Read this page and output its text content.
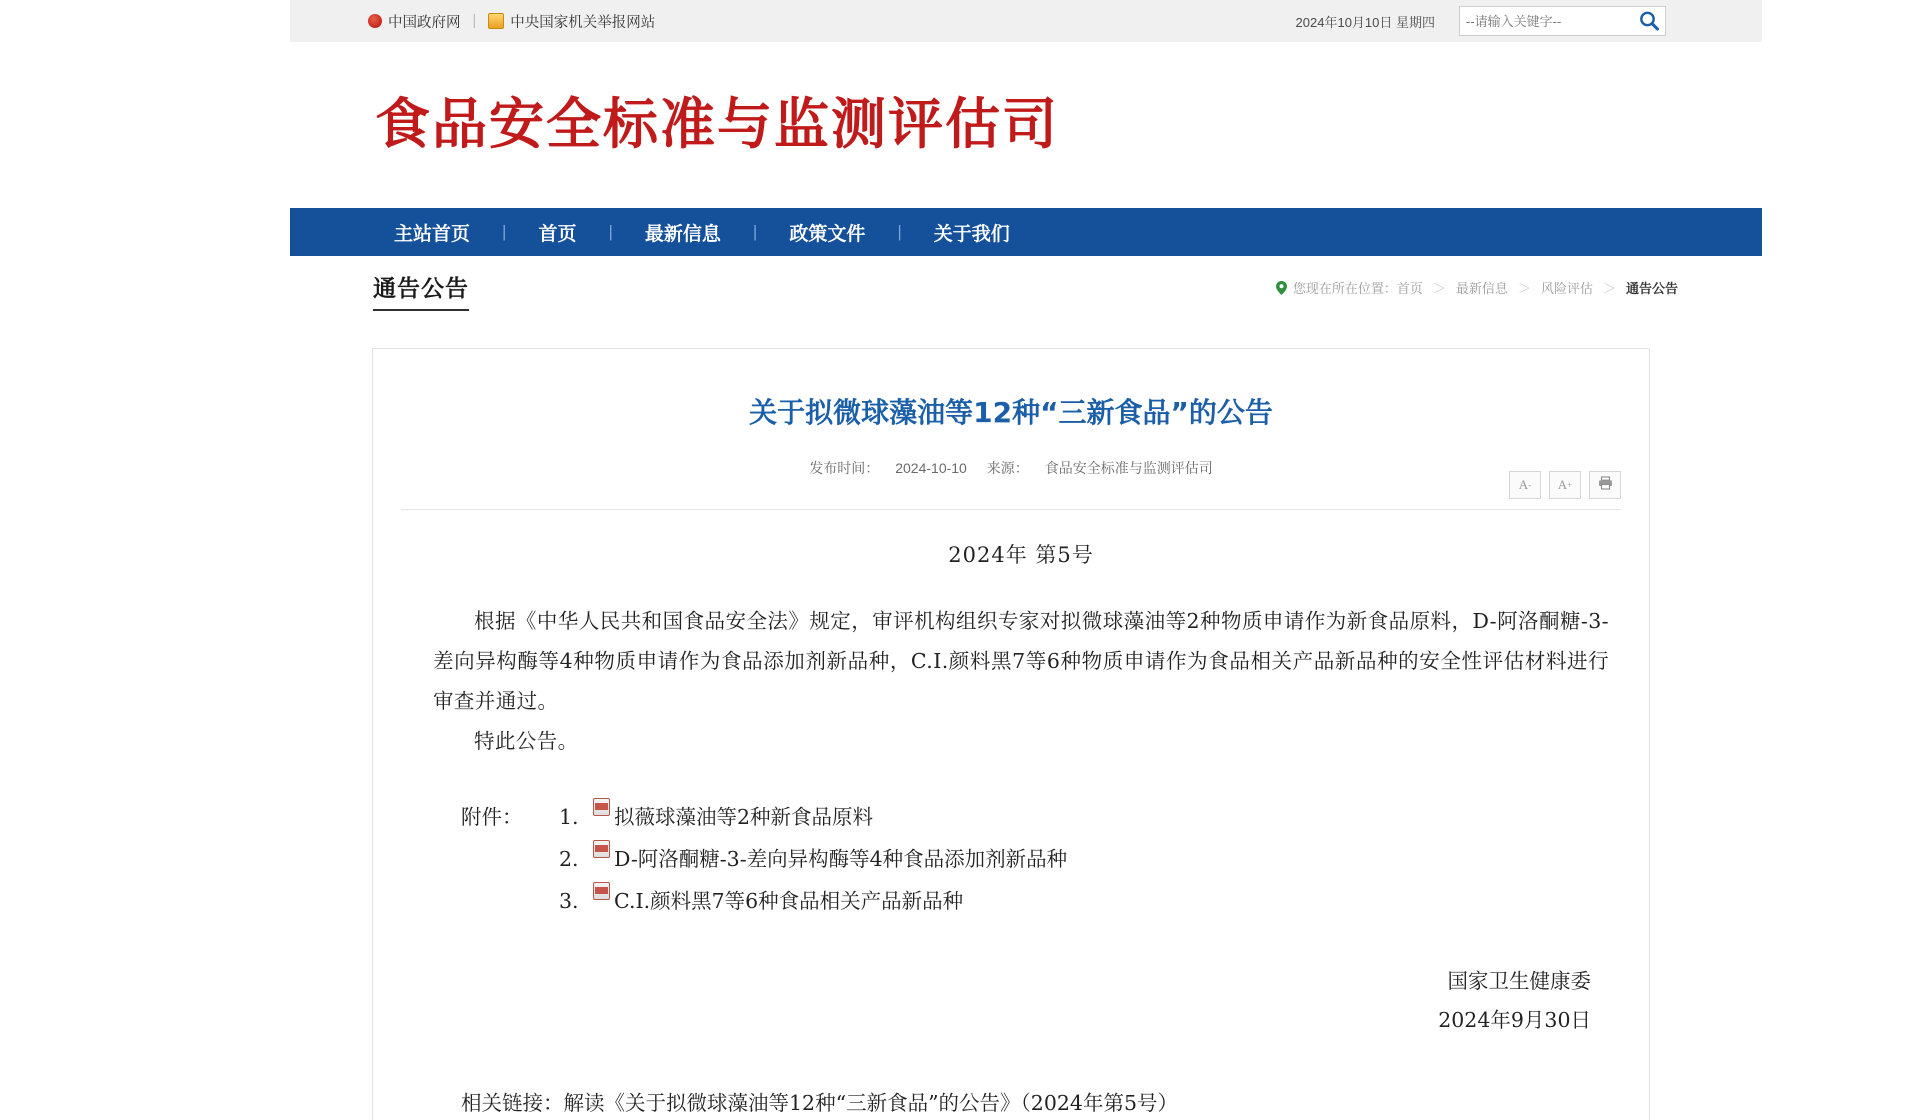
中国政府网 | 中央国家机关举报网站	2024年10月10日 星期四
--请输入关键字--
食品安全标准与监测评估司
主站首页	|	首页	|	最新信息	|	政策文件	|	关于我们
通告公告	您现在所在位置： 首页 ＞ 最新信息 ＞ 风险评估 ＞ 通告公告
关于拟微球藻油等12种“三新食品”的公告
发布时间： 2024-10-10 来源： 食品安全标准与监测评估司
A - A +
2024年 第5号
根据《中华人民共和国食品安全法》规定，审评机构组织专家对拟微球藻油等2种物质申请作为新食品原料，D-阿洛酮糖-3-差向异构酶等4种物质申请作为食品添加剂新品种，C.I.颜料黑7等6种物质申请作为食品相关产品新品种的安全性评估材料进行审查并通过。
特此公告。
附件：	1.	拟薇球藻油等2种新食品原料
2.	D-阿洛酮糖-3-差向异构酶等4种食品添加剂新品种
3.	C.I.颜料黑7等6种食品相关产品新品种
国家卫生健康委
2024年9月30日
相关链接：解读《关于拟微球藻油等12种“三新食品”的公告》（2024年第5号）
